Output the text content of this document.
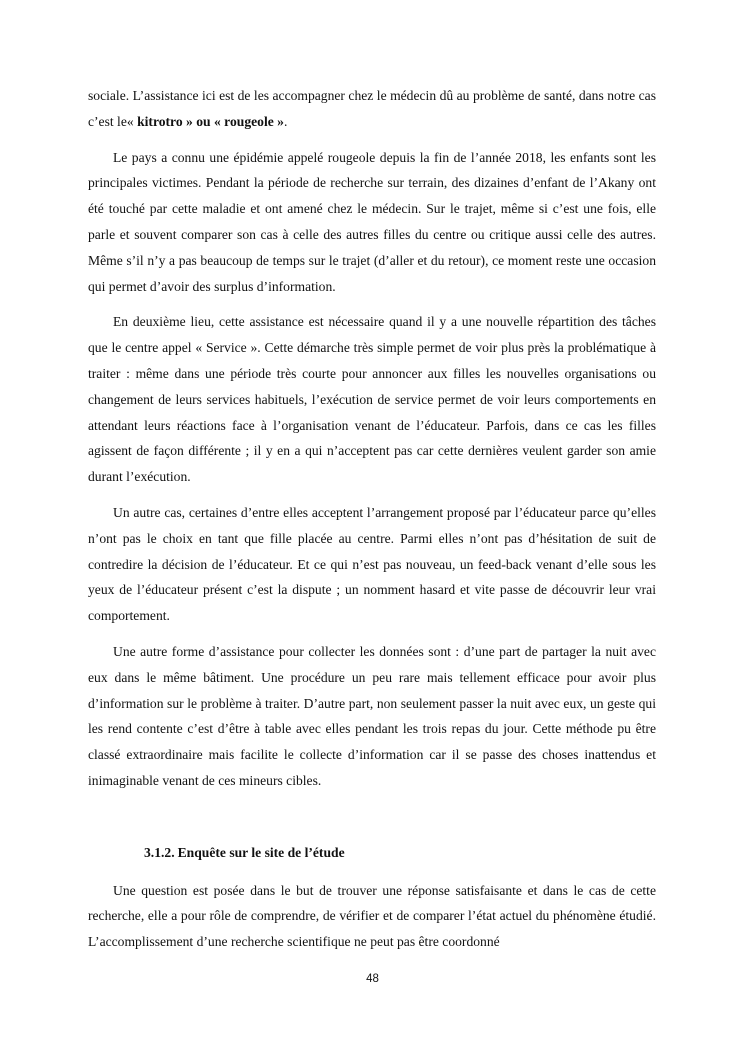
sociale. L’assistance ici est de les accompagner chez le médecin dû au problème de santé, dans notre cas c’est le« kitrotro » ou « rougeole ».

Le pays a connu une épidémie appelé rougeole depuis la fin de l’année 2018, les enfants sont les principales victimes. Pendant la période de recherche sur terrain, des dizaines d’enfant de l’Akany ont été touché par cette maladie et ont amené chez le médecin. Sur le trajet, même si c’est une fois, elle parle et souvent comparer son cas à celle des autres filles du centre ou critique aussi celle des autres. Même s’il n’y a pas beaucoup de temps sur le trajet (d’aller et du retour), ce moment reste une occasion qui permet d’avoir des surplus d’information.

En deuxième lieu, cette assistance est nécessaire quand il y a une nouvelle répartition des tâches que le centre appel « Service ». Cette démarche très simple permet de voir plus près la problématique à traiter : même dans une période très courte pour annoncer aux filles les nouvelles organisations ou changement de leurs services habituels, l’exécution de service permet de voir leurs comportements en attendant leurs réactions face à l’organisation venant de l’éducateur. Parfois, dans ce cas les filles agissent de façon différente ; il y en a qui n’acceptent pas car cette dernières veulent garder son amie durant l’exécution.

Un autre cas, certaines d’entre elles acceptent l’arrangement proposé par l’éducateur parce qu’elles n’ont pas le choix en tant que fille placée au centre. Parmi elles n’ont pas d’hésitation de suit de contredire la décision de l’éducateur. Et ce qui n’est pas nouveau, un feed-back venant d’elle sous les yeux de l’éducateur présent c’est la dispute ; un nomment hasard et vite passe de découvrir leur vrai comportement.

Une autre forme d’assistance pour collecter les données sont : d’une part de partager la nuit avec eux dans le même bâtiment. Une procédure un peu rare mais tellement efficace pour avoir plus d’information sur le problème à traiter. D’autre part, non seulement passer la nuit avec eux, un geste qui les rend contente c’est d’être à table avec elles pendant les trois repas du jour. Cette méthode pu être classé extraordinaire mais facilite le collecte d’information car il se passe des choses inattendus et inimaginable venant de ces mineurs cibles.

3.1.2. Enquête sur le site de l’étude

Une question est posée dans le but de trouver une réponse satisfaisante et dans le cas de cette recherche, elle a pour rôle de comprendre, de vérifier et de comparer l’état actuel du phénomène étudié. L’accomplissement d’une recherche scientifique ne peut pas être coordonné

48
